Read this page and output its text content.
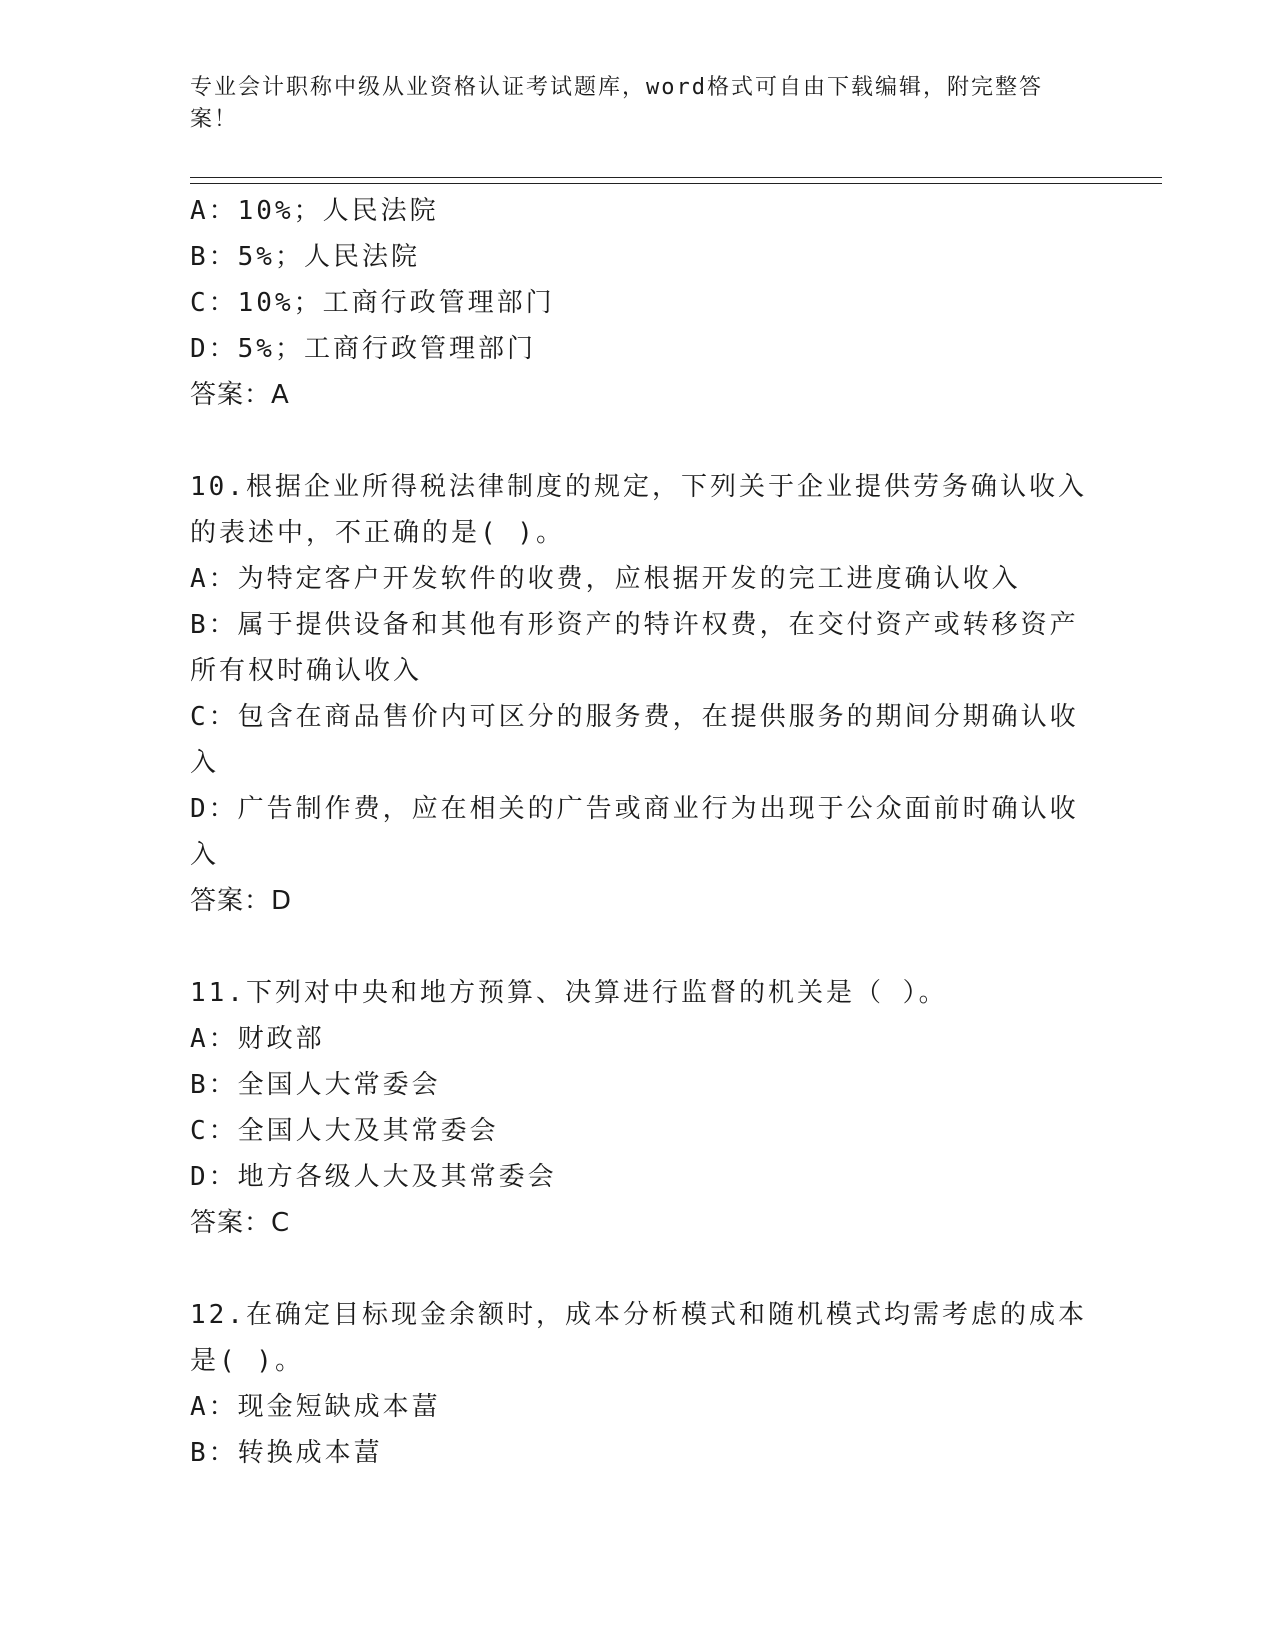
专业会计职称中级从业资格认证考试题库，word格式可自由下载编辑，附完整答
案！
A：10%；人民法院
B：5%；人民法院
C：10%；工商行政管理部门
D：5%；工商行政管理部门
答案：A
10.根据企业所得税法律制度的规定，下列关于企业提供劳务确认收入
的表述中，不正确的是( )。
A：为特定客户开发软件的收费，应根据开发的完工进度确认收入
B：属于提供设备和其他有形资产的特许权费，在交付资产或转移资产
所有权时确认收入
C：包含在商品售价内可区分的服务费，在提供服务的期间分期确认收
入
D：广告制作费，应在相关的广告或商业行为出现于公众面前时确认收
入
答案：D
11.下列对中央和地方预算、决算进行监督的机关是（ ）。
A：财政部
B：全国人大常委会
C：全国人大及其常委会
D：地方各级人大及其常委会
答案：C
12.在确定目标现金余额时，成本分析模式和随机模式均需考虑的成本
是( )。
A：现金短缺成本葍
B：转换成本葍
